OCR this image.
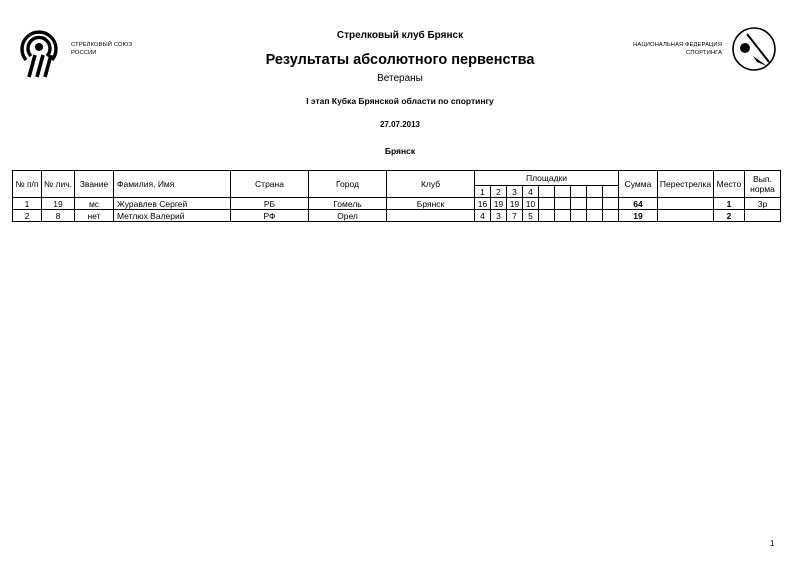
СТРЕЛКОВЫЙ СОЮЗ
РОССИИ
НАЦИОНАЛЬНАЯ ФЕДЕРАЦИЯ
СПОРТИНГА
Стрелковый клуб Брянск
Результаты абсолютного первенства
Ветераны
I этап Кубка Брянской области по спортингу
27.07.2013
Брянск
№ п/п	№ лич.	Звание	Фамилия, Имя	Страна	Город	Клуб	Площадки									Сумма	Перестрелка	Место	Вып. норма
							1	2	3	4									
1	19	мс	Журавлев Сергей	РБ	Гомель	Брянск	16	19	19	10						64		1	3р
2	8	нет	Метлюх Валерий	РФ	Орел		4	3	7	5						19		2	
1
